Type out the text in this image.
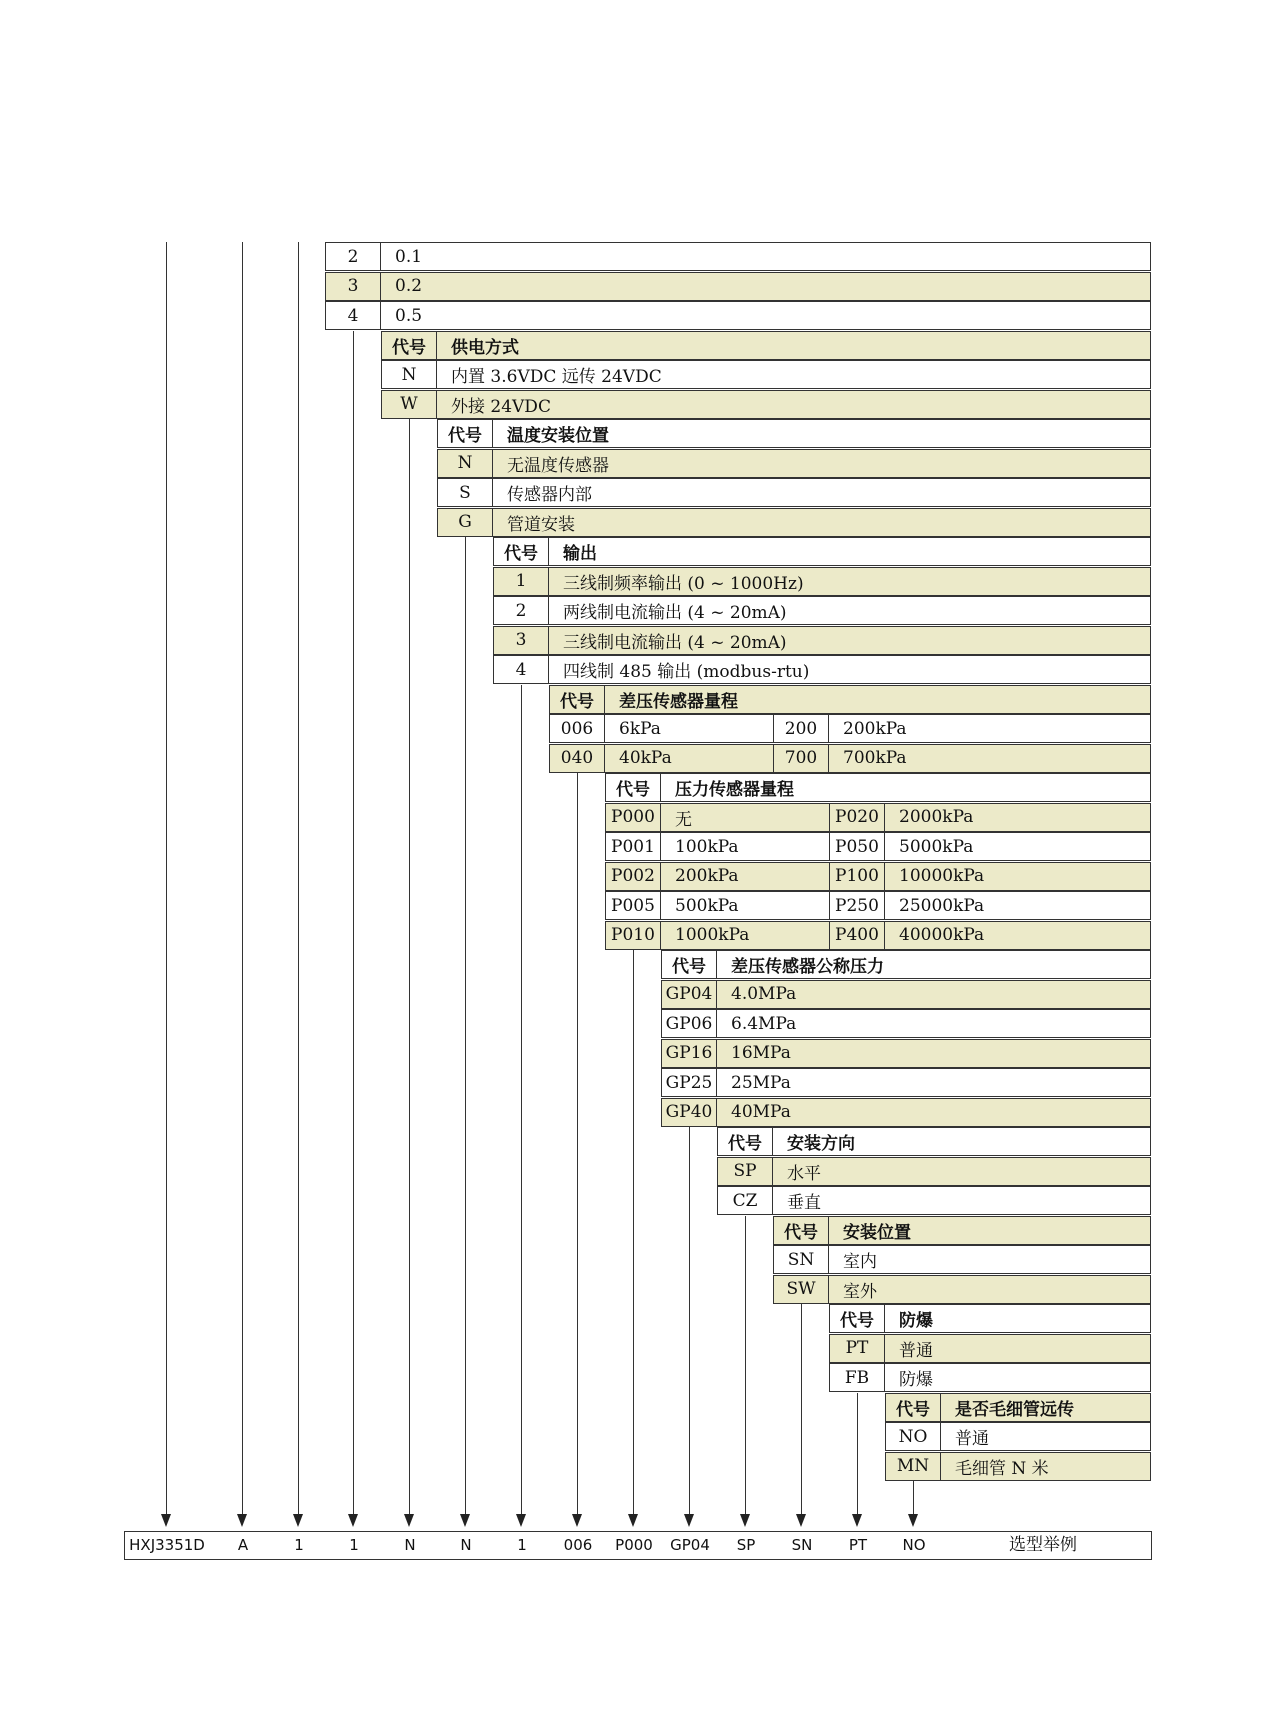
2	0.1
3	0.2
4	0.5
代号	供电方式
N	内置 3.6VDC 远传 24VDC
W	外接 24VDC
代号	温度安装位置
N	无温度传感器
S	传感器内部
G	管道安装
代号	输出
1	三线制频率输出 (0 ~ 1000Hz)
2	两线制电流输出 (4 ~ 20mA)
3	三线制电流输出 (4 ~ 20mA)
4	四线制 485 输出 (modbus-rtu)
代号	差压传感器量程
006	6kPa	200	200kPa
040	40kPa	700	700kPa
代号	压力传感器量程
P000	无	P020	2000kPa
P001	100kPa	P050	5000kPa
P002	200kPa	P100	10000kPa
P005	500kPa	P250	25000kPa
P010	1000kPa	P400	40000kPa
代号	差压传感器公称压力
GP04	4.0MPa
GP06	6.4MPa
GP16	16MPa
GP25	25MPa
GP40	40MPa
代号	安装方向
SP	水平
CZ	垂直
代号	安装位置
SN	室内
SW	室外
代号	防爆
PT	普通
FB	防爆
代号	是否毛细管远传
NO	普通
MN	毛细管 N 米
选型举例
HXJ3351D A	1	1	N	N	1 006 P000 GP04 SP SN PT NO
